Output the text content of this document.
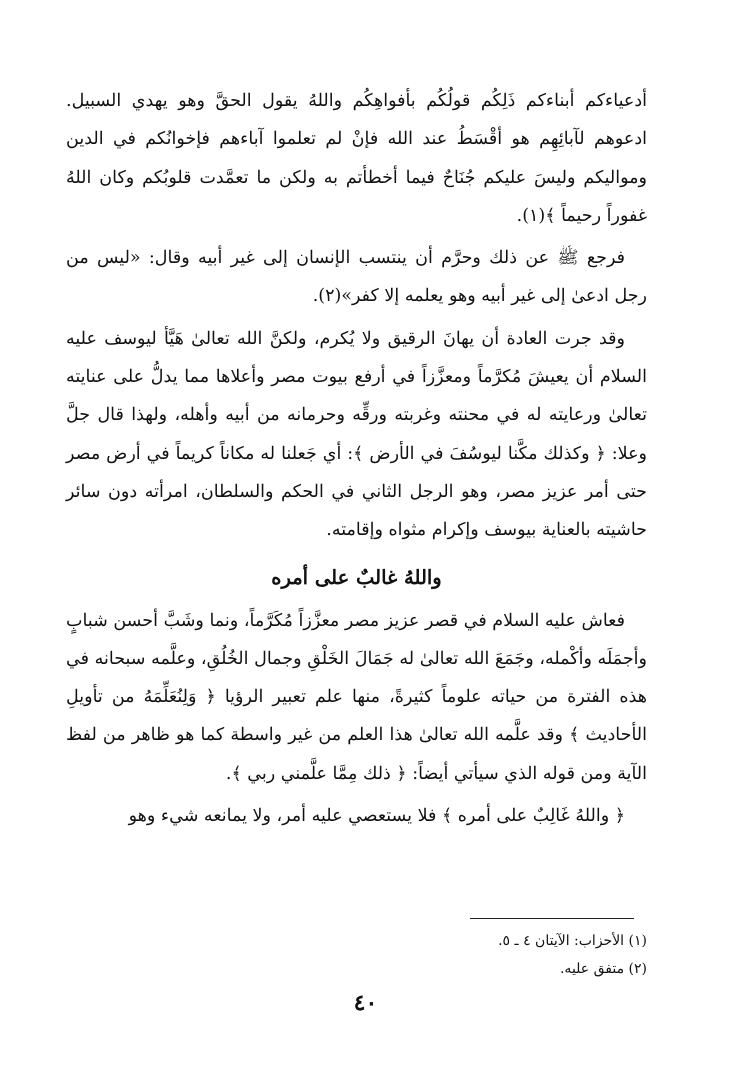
أدعياءكم أبناءكم ذَلِكُم قولُكُم بأفواهِكُم واللهُ يقول الحقَّ وهو يهدي السبيل. ادعوهم لآبائِهِم هو أقْسَطُ عند الله فإنْ لم تعلموا آباءهم فإخوانُكم في الدين ومواليكم وليسَ عليكم جُنَاحٌ فيما أخطأتم به ولكن ما تعمَّدت قلوبُكم وكان اللهُ غفوراً رحيماً ﴾(١).

فرجع ﷺ عن ذلك وحرَّم أن ينتسب الإنسان إلى غير أبيه وقال: «ليس من رجل ادعىٰ إلى غير أبيه وهو يعلمه إلا كفر»(٢).

وقد جرت العادة أن يهانَ الرقيق ولا يُكرم، ولكنَّ الله تعالىٰ هَيَّأ ليوسف عليه السلام أن يعيشَ مُكرَّماً ومعزَّزاً في أرفع بيوت مصر وأعلاها مما يدلُّ على عنايته تعالىٰ ورعايته له في محنته وغربته ورقِّه وحرمانه من أبيه وأهله، ولهذا قال جلَّ وعلا: ﴿ وكذلك مكَّنا ليوسُفَ في الأرض ﴾: أي جَعلنا له مكاناً كريماً في أرض مصر حتى أمر عزيز مصر، وهو الرجل الثاني في الحكم والسلطان، امرأته دون سائر حاشيته بالعناية بيوسف وإكرام مثواه وإقامته.

واللهُ غالبٌ على أمره

فعاش عليه السلام في قصر عزيز مصر معزَّزاً مُكَرَّماً، ونما وشَبَّ أحسن شبابٍ وأجمَلَه وأكْمله، وجَمَعَ الله تعالىٰ له جَمَالَ الخَلْقِ وجمال الخُلُقِ، وعلَّمه سبحانه في هذه الفترة من حياته علوماً كثيرةً، منها علم تعبير الرؤيا ﴿ وَلِنُعَلِّمَهُ من تأويلِ الأحاديث ﴾ وقد علَّمه الله تعالىٰ هذا العلم من غير واسطة كما هو ظاهر من لفظ الآية ومن قوله الذي سيأتي أيضاً: ﴿ ذلك مِمَّا علَّمني ربي ﴾.

﴿ واللهُ غَالِبٌ على أمره ﴾ فلا يستعصي عليه أمر، ولا يمانعه شيء وهو

(١) الأحزاب: الآيتان ٤ ـ ٥.
(٢) متفق عليه.
٤٠
